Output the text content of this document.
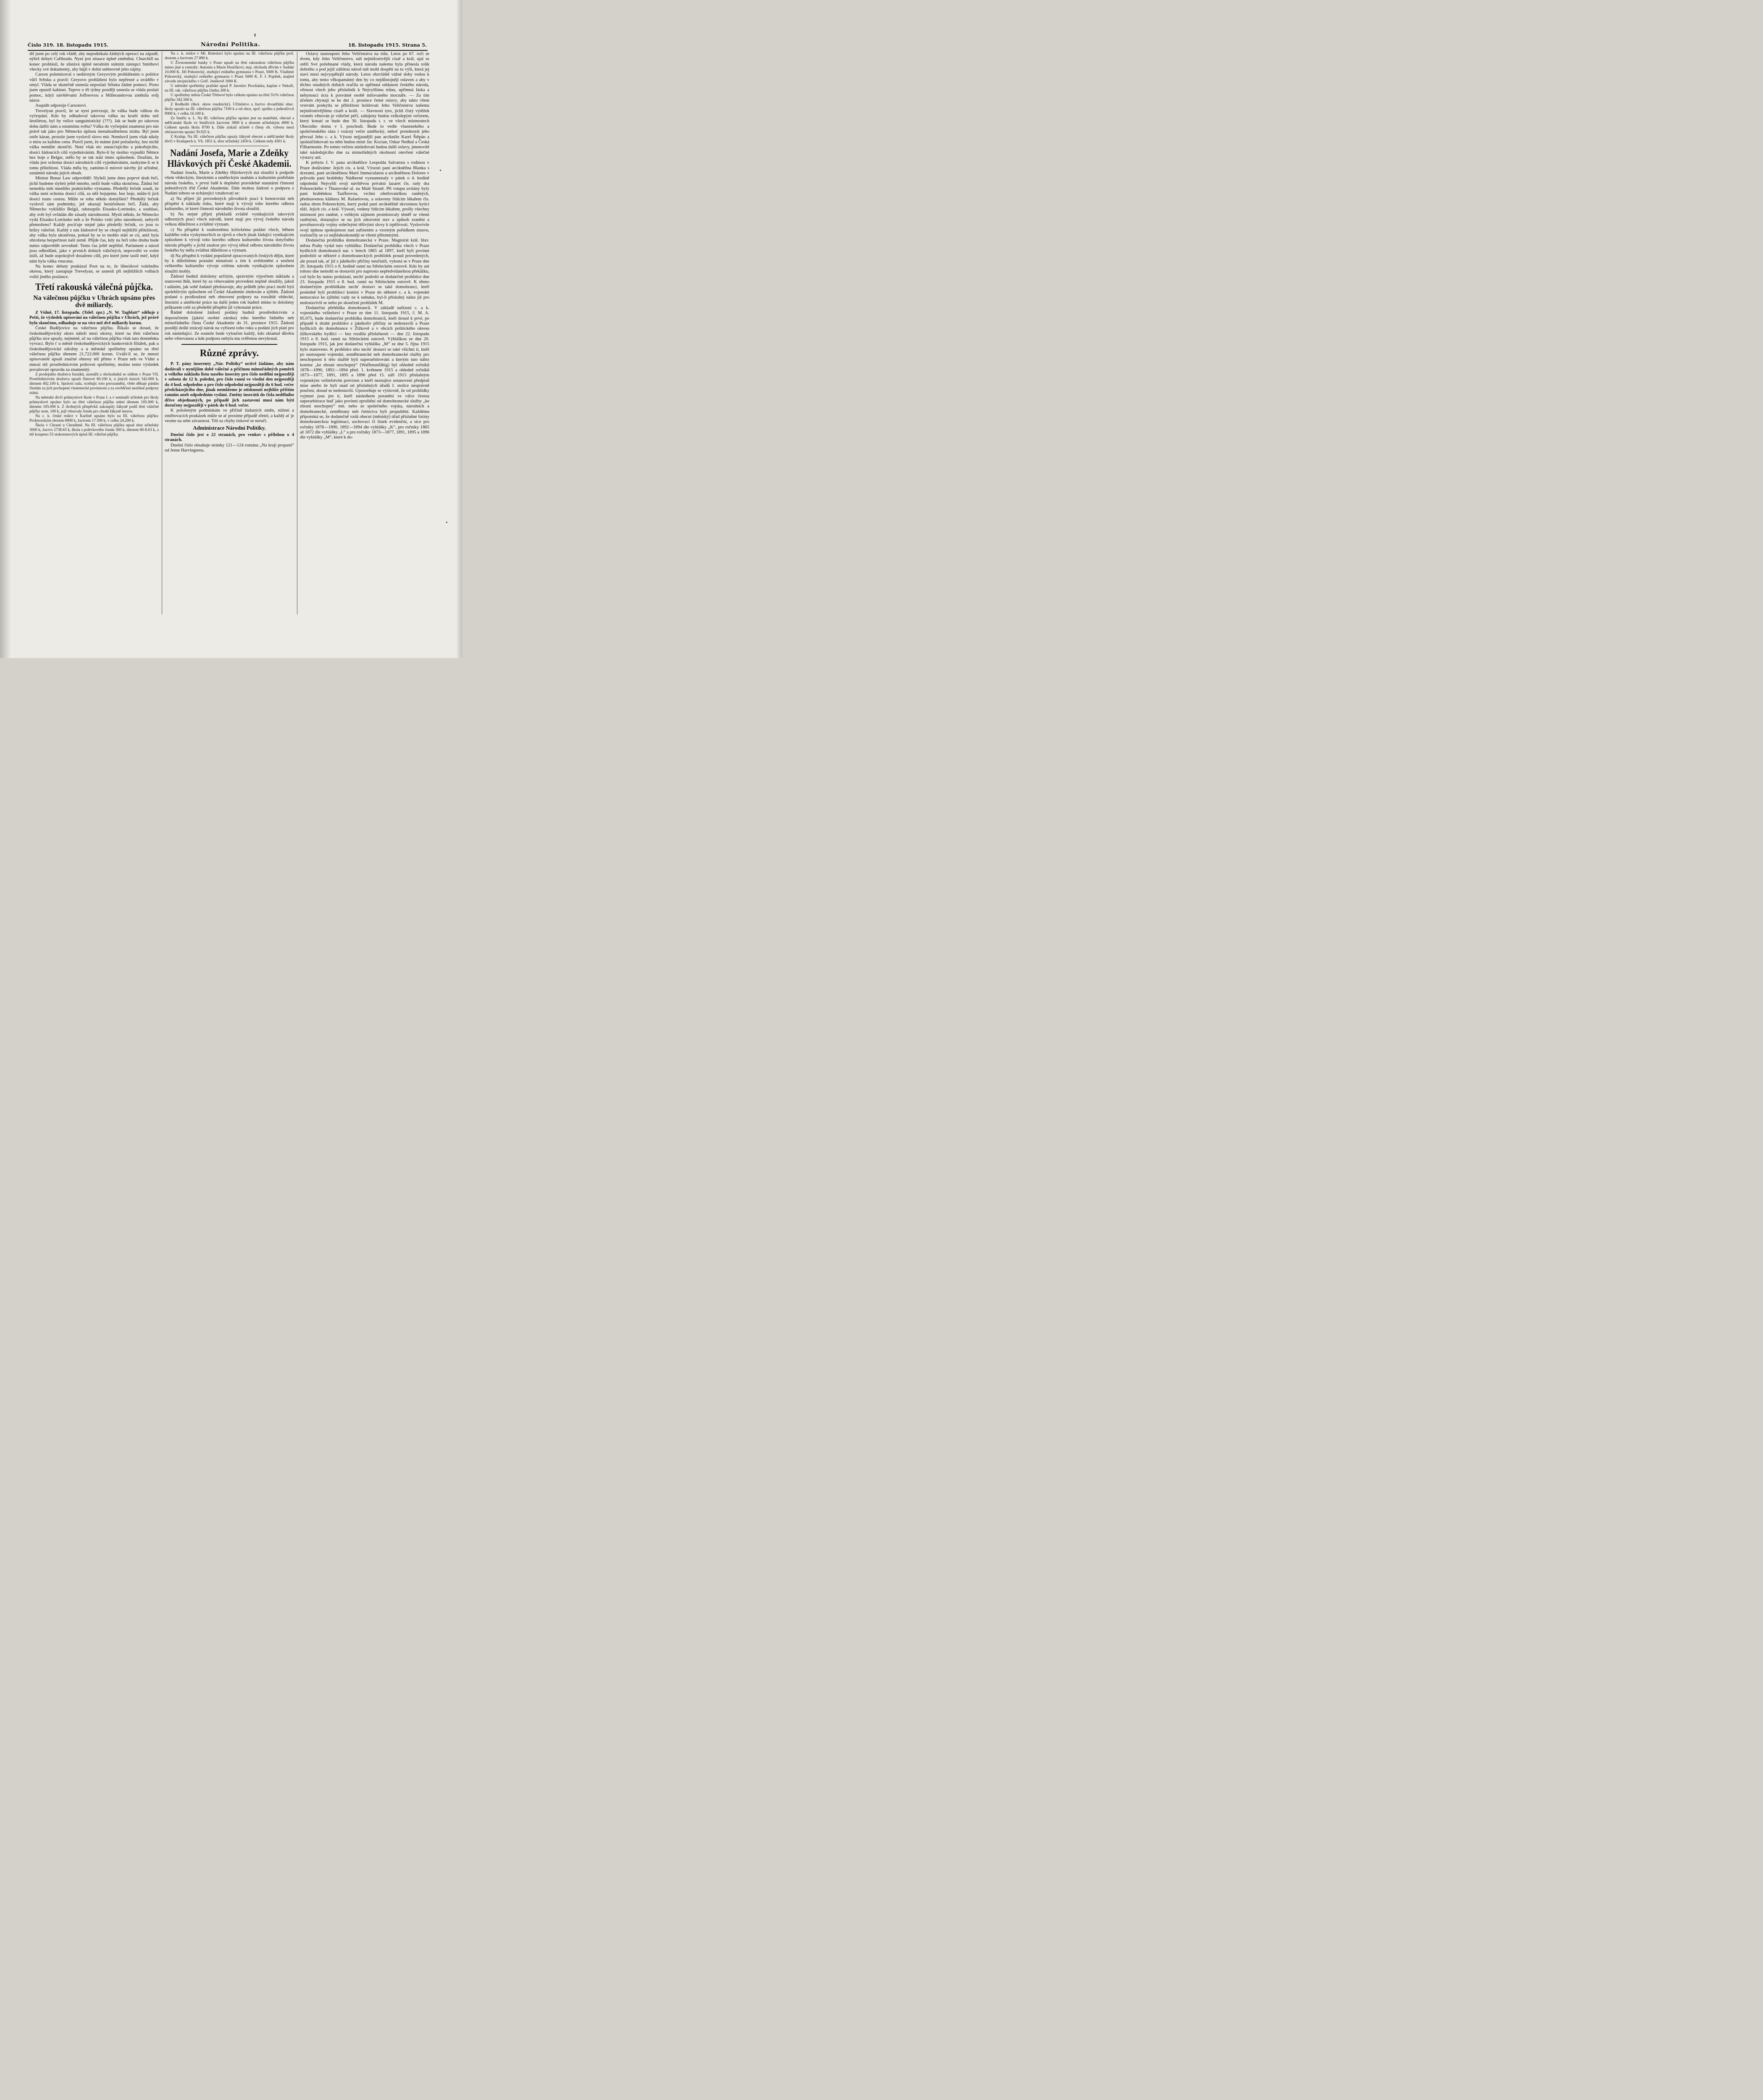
Číslo 319. 18. listopadu 1915.	Národní Politika.	18. listopadu 1915. Strana 5.

dil jsem po celý rok vládě, aby nepodnikala žádných operací na západě, nýbrž dobytí Cařihradu. Nyní jest situace úplně změněná. Churchill na konec prohlásil, že zůstává úplně neralním státním zástupcí Smithoví všecky své dokumenty, aby hájil v dolní sněmovně jeho zájmy.

Carson polemisoval s nedávným Greyovým prohlášením o politice vůči Srbsku a pravil: Greyovo prohlášení bylo nepřesné a uvádělo v omyl. Vláda se skutečně usnesla neposlati Srbsku žádné pomoci. Proto jsem opustil kabinet. Teprve o tři týdny později usnesla se vláda poslati pomoc, když návštěvami Joffreovou a Millerandovou změnila svůj názor.

Asquith odporuje Carsonovi.

Trevelyan pravil, že se nyní potvrzuje, že válka bude válkou do vyčerpání. Kdo by odhadoval takovou válku na kratší dobu než šestiletou, byl by velice sanguinistický (???). Jak se bude po takovou dobu dařiti nám a ostatnímu světu? Válka do vyčerpání znamená pro nás právě tak jako pro Německo úplnou menahraditelnou ztrátu. Byl jsem ostře káran, protože jsem vyslovil slovo mír. Nemluvil jsem však nikdy o míru za každou cenu. Pravil jsem, že máme jisté požadavky, bez nichž válka nemůže skončiti. Není však nic zneucťujícího a pokořujícího, dosíci žádoucích cílů vyjednáváním. Bylo-li by možno vypuditi Němce bez boje z Belgie, mělo by se tak státi tímto způsobem. Doufám, že vláda jest ochotna dosíci národních cílů vyjednáváním, naskytne-li se k tomu příležitost. Vláda měla by, zamítne-li mírové návrhy již učiněné, oznámiti národu jejich obsah.

Ministr Bonar Law odpověděl: Slyšeli jsme dnes poprvé druh řeči, jichž budeme slyšeti ještě mnoho, nežli bude válka skončena. Žádná řeč nemohla míti menšího praktického významu. Předešlý řečník soudí, že válka není ochotna dosíci cílů, za něž bojujeme, bez boje, může-li jich dosíci touto cestou. Může se tohu někdo domýšleti? Předešlý řečník vyslovil sám podmínky, jež ukazují bezúčelnost řeči. Žádá, aby Německo vyklidilo Belgii, odstoupilo Elsasko-Lotrinsko, a souhlasí, aby svět byl ovládán dle zásady národnostní. Myslí někdo, že Německo vydá Elsasko-Lotrinsko neb a že Polsko vrátí jeho národnosti, nebyvši přemoženo? Každý pociťuje stejně jako předešlý řečník, co jsou to hrůzy válečné. Každý z nás žádostivě by se chopil nejbližší příležitosti, aby válka byla ukončena, pokud by se to mohlo státi se cti, aniž byla ohrožena bezpečnost naší země. Přijde čas, kdy na řeči toho druhu bude nutno odpovědět zevrubně. Tento čas ještě nepřišel. Parlament a národ jsou odhodláni, jako v prvních dobách válečných, nepovoliti ve svém úsilí, až bude uspokojivě dosaženo cílů, pro které jsme tasili meč, když nám byla válka vnucena.

Na konec debaty poukázal Poot na to, že liberálové volebního okresu, který zastupuje Trevelyan, se usnesli při nejbližších volbách voliti jiného poslance.

Třetí rakouská válečná půjčka.
Na válečnou půjčku v Uhrách upsáno přes dvě miliardy.

Z Vídně, 17. listopadu. (Telef. zpr.) „N. W. Tagblatt“ sděluje z Pešti, že výsledek upisování na válečnou půjčku v Uhrách, jež právě bylo skončeno, odhaduje se na více než dvě miliardy korun.

České Budějovice na válečnou půjčku. Říkalo se dosud, že českobudějovický okres náleží mezi okresy, které na třetí válečnou půjčku sice upsaly, nejméně, ač na válečnou půjčku však tuto domněnku vyvrací. Bylo ť u městě českobudějovických bankovních filiálek, pak u českobudějovické záložny a u městské spořitelny upsáno na třetí válečnou půjčku úhrnem 21,722.000 korun. Uváží-li se, že mnozí upisovatelé upsali značné obnosy též přímo v Praze neb ve Vídni a mnozí též prostřednictvím poštovní spořitelny, možno tento výsledek považovati opravdu za znamenitý.

Z prodejního družstva řezníků, uzenářů a obchodníků se sídlem v Praze VII. Prostřednictvím družstva upsali členové 60.100 k, u jiných ústavů 342.000 k, úhrnem 402.100 k. Správní rada, oceňujíc toto porozumění, vřele děkuje pánům členům za jich pochopení vlastenecké povinnosti a za osvědčení nezištné podpory státní.

Na městské dívčí průmyslové škole v Praze I. a v semináři učitelek pro školy průmyslové upsáno bylo na třetí válečnou půjčku státní úhrnem 105.000 k, úhrnem 105.000 k. Z drobných příspěvků zakoupily žákyně podíl třetí válečné půjčky nom. 100 k, jejž věnovaly fondu pro chudé žákyně ústavu.

Na c. k. české reálce v Karlíně upsáno bylo na III. válečnou půjčku: Profesorským sborem 6900 k, žactvem 17.300 k, v celku 24.200 k.

Škola v Chrasti u Chrudimě. Na III. válečnou půjčku upsal sbor učitelský 3000 k, žactvo 2738.63 k, škola s polévkového fondu 300 k, úhrnem 80-8.63 k, a též koupeno 53 stokorunových úpisů III. válečné půjčky.

Na c. k. reálce v Ml. Boleslavi bylo upsáno na III. válečnou půjčku prof. sborem a žactvem 27.890 k.

U Živnostenské banky v Praze upsali na třetí rakouskou válečnou půjčku mimo jiné u centrály: Antonín a Marie Hončíkovi, maj. obchodu dřívím v Sadské 10.000 K. Jiří Pohorecký, studující reálného gymnasia v Praze, 5000 K. Vladimír Pohorecký, studující reálného gymnasia v Praze 5000 K. F. J. Popílek, majitel závodu strojnického v Golč. Jeníkově 1000 K.

U městské spořitelny pražské upsal P. Jaroslav Procházka, kaplan v Nekoři, na III. rak. válečnou půjčku částku 200 k.

U spořitelny města České Třebové bylo celkem upsáno na třetí 5½% válečnou půjčku 342.500 k.

Z Rodhošti (škol. okres roudnický). Učitelstvo a žactvo dvoutřídní obec. školy upsalo na III. válečnou půjčku 7100 k a od obce, spoř. spolku a jednotlivců 9000 k, v celku 16.100 k.

Ze Smiřic n. L. Na III. válečnou půjčku upsáno jest na mateřské, obecné a měšťanské škole ve Smiřicích žactvem 3800 k a sborem učitelským 4900 k. Celkem upsala škola 8700 k. Dále získali učitelé s členy ob. výboru mezi občanstvem upsání 30.925 k.

Z Kralup. Na III. válečnou půjčku upsaly žákyně obecné a měšťanské školy dívčí v Kralupech n. Vlt. 1851 k, sbor učitelský 2450 k. Celkem tedy 4301 k.

Nadání Josefa, Marie a Zdeňky Hlávkových při České Akademii.

Nadání Josefa, Marie a Zdeňky Hlávkových má sloužiti k podpoře všem vědeckým, literárním a uměleckým snahám a kulturním potřebám národa českého, v první řadě k doplnění pravidelné statutární činnosti jednotlivých tříd České Akademie. Dále mohou žádosti o podporu z Nadání tohoto se ucházející vztahovati se:

a) Na přijetí již provedených původních prací k honorování neb přispění k nákladu tisku, které mají k vývoji toho kterého odboru kulturního, té které činnosti národního života sloužiti.

b) Na stejné přijetí překladů zvláště vynikajících takových odborných prací všech národů, které mají pro vývoj českého národa velkou důležitost a zvláštní význam.

c) Na přispění k souborněmu kritickému podání všech, během každého roku vyskytnuvších se zjevů u všech jinak žádající vynikajícím způsobem k vývoji toho kterého odboru kulturního života dotyčného národa přispěly a jichž znalost pro vývoj téhož odboru národního života českého by měla zvláštní důležitost a význam.

d) Na přispění k vydání populárně zpracovaných českých dějin, které by k důležitému poznání minulosti a tím k uvědomění a sesílení veškerého kulturního vývoje celému národu vynikajícím způsobem sloužiti mohly.

Žádosti budtež doloženy určitým, správným výpočtem nákladu a stanovení lhůt, které by za věnovaném provedení neplně sloužily, jakož i udáním, jak sobě žadatel představuje, aby průběh jeho prací mohl býti spolehlivým způsobem od České Akademie sledován a zjištěn. Žádosti podané o prodloužení neb obnovení podpory na rozsáhlé vědecké, literární a umělecké práce na další jeden rok budtež mimo to doloženy průkazem celé za předešlé přispění již vykonané práce.

Řádně doložené žádosti podány budtež prostřednictvím a doporučením (jakési osobní záruku) toho kterého řádného neb mimořádného člena České Akademie do 31. prosince 1915. Žádosti později došlé ztrácejí nárok na vyřízení toho roku a podání jich platí pro rok následující. Ze souteže bude vyloučen každý, kdo zkiamal důvěru nebo věnovanou a kde podpora nebyla mu svěřenou nevykonal.

Různé zprávy.

P. T. pány inserenty „Nár. Politiky“ uctivě žádáme, aby nám dodávali v nynějším době válečné a příčinou mimořádných poměrů a velkého nákladu listu nasého inseráty pro číslo nedělní nejpozději v sobotu do 12 h. polední, pro číslo ranní ve všední den nejpozději do 4 hod. odpoledne a pro číslo odpolední nejpozději do 6 hod. večer předcházejícího dne, jinak nemůžeme je otisknouti nejblíže příštím ranním aneb odpoledním vydání. Změny inserátů do čísla nedělního dříve objednaných, po případě jich zastavení musí nám býti doručeny nejpozději v pátek do 6 hod. večer.

K položeným podmínkám ve příčině žádaných změn, stižení a zmiřtovacích poukázek může se ať prosíme případě zřetel, a každý ať je vezme na sebe závaznost. Též za chyby tiskové se neručí.

Administrace Národní Politiky.

Dnešní číslo jest o 22 stranách, pro venkov s přílohou o 4 stranách.

Dnešní číslo obsahuje stránky 121—124 románu „Na kraji propasti“ od Jense Harvingsena.

Oslavy nastoupení Jeho Veličenstva na trůn. Letos po 67. roči se dvem, kdy Jeho Veličenstvo, náš nejmilostivější císař a král, ujal se otěží Své požehnané vlády, která národu našemu byla přinesla tolik dobrého a pod jejíž záštitou národ náš mohl dospěti na tu výši, která jej staví mezi nejvyspělejší národy. Letos obzvláště vážné doby vedou k tomu, aby tento věkopamátný den by co nejdůstojněji oslaven a aby v těchto osudných dobách zračila se upřímná oddanost českého národa, věrnost všech jeho příslušník k Nejvyššímu trůnu, upřímná láska a nehynoucí úcta k posvátné osobě milovaného mocnáře. — Za tím účelem chystají se ke dni 2. prosince četné oslavy, aby takto všem vrstvám poskytla se příležitost holdovati Jeho Veličenstvu našemu nejmilostivějšímu císaři a králi. — Slavností tyto, jichž čistý výtěžek vesměs věnován je válečné péči, zahájeny budou velkolepým večerem, který konati se bude dne 30. listopadu t. r. ve všech místnostech Obecního domu v I. poschodí. Bude to vedle vlastenekého a společenského rázu i vzácný večer umělecký, neboť protektorát jeho převzal Jeho c. a k. Výsost nejjasnější pan arcikníže Karel Štěpán a spoluúčinkovati na něm budou mistr Jar. Kocian, Oskar Nedbal a Česká Filharmonie. Po tomto večeru následovati budou další oslavy, jmenovitě také následujícího dne za mimořádných okolností otevření válečné výstavy atd.

K pobytu J. V. pana arcikněžice Leopolda Salvatora s rodinou v Praze dodáváme: Jejich cís. a král. Výsosti paní arcikněžna Blanka s dcerami, paní arcikněžnou Marií Immaculatou a arcikněžnou Dolores v průvodu paní hraběnky Nádherné vyznamenaly v pátek o 4. hodině odpolední Nejvyšší svojí návštěvou privátní lazaret čís. rady dra Pohoreckého v Thunovské ul. na Malé Straně. Při vstupu uvítány byly paní hraběnkou Taaffeovou, vrchní ošetřovatelkou raněných, představenou kláštera M. Rafaelovou, a oslaveny řídícím lékařem čís. radou drem Pohoreckým, který podal paní arcikněžně skvostnou kytici růží. Jejich cís. a král. Výsosti, vedeny řídícím lékařem, prošly všechny místnosti pro raněné, s velikým zájmem promlouvaly téměř se všemi raněnými, dotazujíce se na jich zdravotní stav a způsob zranění a povzbuzovaly vojíny srdečnými těšivými slovy k trpělivosti. Vyslovivše svojí úplnou spokojenost nad zařízením a vzorným pořádkem ústavu, rozloučily se co nejblahoskonněji se všemi přítomnými.

Dodatečná prohlídka domobranecká v Praze. Magistrát král. hlav. města Prahy vydal tuto vyhlášku: Dodatečná prohlídka všech v Praze bydlících domobranců nar. v letech 1865 až 1897, kteří byli povinni podrobiti se některé z domobraneckých prohlídek posud provedených, ale posud tak, ať již z jakékoliv příčiny neučinili, vykoná se v Praze dne 20. listopadu 1915 o 8. hodině ranní na Střeleckém ostrově. Kdo by ani tohoto dne nemohl se dostaviti pro naprosto nepředvídatelnou překážku, což bylo by nutno prokázati, nechť podrobí se dodatečné prohlídce dne 23. listopadu 1915 o 8. hod. ranní na Střeleckém ostrově. K těmto dodatečným prohlídkám nechť dostaví se také domobranci, kteří posledně byli prohlížecí komisí v Praze do některé c. a k. vojenské nemocnice ke zjištění vady ne k nehuku, byl-li příslušný nález již pro nedostavivší se nebo po skončení prohlídek M.

Dodatečná přehlídka domobranců. V základě nařízení c. a k. vojenského velitelství v Praze ze dne 11. listopadu 1915, č. M. A. 85.075, bude dodatečná prohlídka domobranců, kteří dosud k prvé, po případě k druhé prohlídce z jakékoliv příčiny se nedostavili a Praze bydlících do domobrance v Žižkově a v obcích politického okresu žižkovského bydlící — bez rozdílu příslušnosti — dne 22. listopadu 1915 o 8. hod. ranní na Střeleckém ostrově. Výhláškou ze dne 20. listopadu 1915, jak jest dodatečná vyhláška „M“ ze dne 5. října 1915 bylo stanoveno. K prohlídce této nechť dostaví se také všichni ti, kteří po nastoupení vojenské, zeměbranecké neb domobranecké služby pro neschopnost k této službě byli superarbitrováni a kterým tuto nález komise „ke zbrani neschopný“ (Waffenunfähig) byl ohledně ročníků 1878—1890, 1892—1894 před. 1. květnem 1915 a ohledně ročníků 1873—1877, 1891, 1895 a 1896 před 15. září 1915 příslušným vojenským velitelstvím potvrzen a kteří neznajíce ustanovení předpisů mise anebo že byli snad od příslušných úřadů I. stolice nesprávně poučeni, dosud se nedostavili. Upozorňuje se výslovně, že od prohlídky vyjmutí jsou jen ti, kteří následkem poranění ve válce čestou superarbitrace buď jako povinni zproštěni od domobranecké služby „ke zbrani neschopný“ mít. nebo ze společného vojska, národních a domobranecké, zeměbrany neb četnictva byli propuštěni. Každému připomíná se, že dodatečně vzdá obecní (městský) úřad příslušné listiny domobraneckou legitimací, uschovací či listek evidenční, a sice pro ročníky 1878—1890, 1892—1894 dle vyhlášky „K“, pro ročníky 1865 až 1872 dle vyhlášky „L“ a pro ročníky 1873—1877, 1891, 1895 a 1896 dle vyhlášky „M“, které k do-
